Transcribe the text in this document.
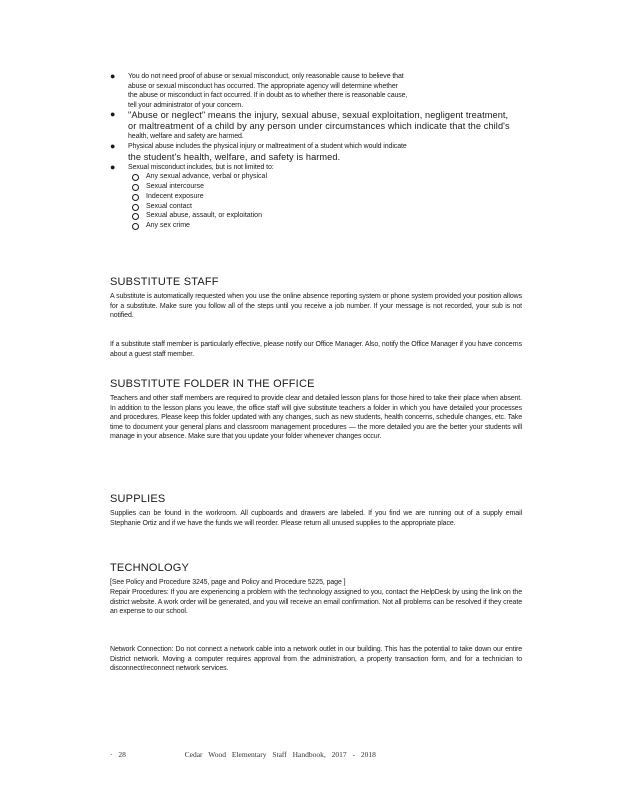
● You do not need proof of abuse or sexual misconduct, only reasonable cause to believe that
abuse or sexual misconduct has occurred. The appropriate agency will determine whether
the abuse or misconduct in fact occurred. If in doubt as to whether there is reasonable cause,
tell your administrator of your concern.
● "Abuse or neglect" means the injury, sexual abuse, sexual exploitation, negligent treatment,
or maltreatment of a child by any person under circumstances which indicate that the child's
health, welfare and safety are harmed.
● Physical abuse includes the physical injury or maltreatment of a student which would indicate
the student's health, welfare, and safety is harmed.
● Sexual misconduct includes, but is not limited to:
Any sexual advance, verbal or physical
Sexual intercourse
Indecent exposure
Sexual contact
Sexual abuse, assault, or exploitation
Any sex crime
SUBSTITUTE STAFF

A substitute is automatically requested when you use the online absence reporting system or phone system provided your position allows for a substitute. Make sure you follow all of the steps until you receive a job number. If your message is not recorded, your sub is not notified.

If a substitute staff member is particularly effective, please notify our Office Manager. Also, notify the Office Manager if you have concerns about a guest staff member.

SUBSTITUTE FOLDER IN THE OFFICE

Teachers and other staff members are required to provide clear and detailed lesson plans for those hired to take their place when absent. In addition to the lesson plans you leave, the office staff will give substitute teachers a folder in which you have detailed your processes and procedures. Please keep this folder updated with any changes, such as new students, health concerns, schedule changes, etc. Take time to document your general plans and classroom management procedures — the more detailed you are the better your students will manage in your absence. Make sure that you update your folder whenever changes occur.

SUPPLIES

Supplies can be found in the workroom. All cupboards and drawers are labeled. If you find we are running out of a supply email Stephanie Ortiz and if we have the funds we will reorder. Please return all unused supplies to the appropriate place.

TECHNOLOGY

[See Policy and Procedure 3245, page and Policy and Procedure 5225, page ]

Repair Procedures: If you are experiencing a problem with the technology assigned to you, contact the HelpDesk by using the link on the district website. A work order will be generated, and you will receive an email confirmation. Not all problems can be resolved if they create an expense to our school.

Network Connection: Do not connect a network cable into a network outlet in our building. This has the potential to take down our entire District network. Moving a computer requires approval from the administration, a property transaction form, and for a technician to disconnect/reconnect network services.

· 28	Cedar Wood Elementary Staff Handbook, 2017 - 2018
